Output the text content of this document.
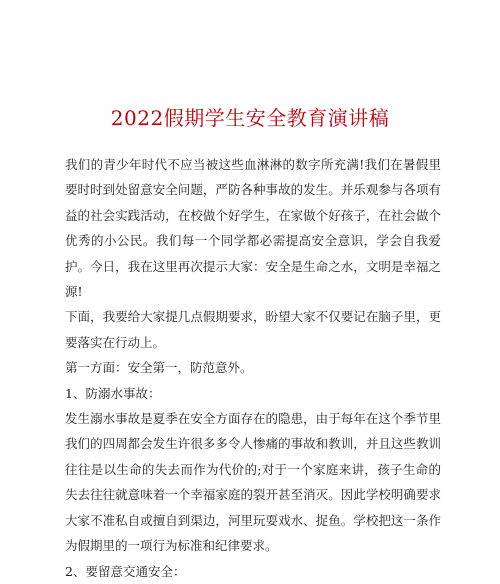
2022假期学生安全教育演讲稿

我们的青少年时代不应当被这些血淋淋的数字所充满!我们在暑假里要时时到处留意安全问题，严防各种事故的发生。并乐观参与各项有益的社会实践活动，在校做个好学生，在家做个好孩子，在社会做个优秀的小公民。我们每一个同学都必需提高安全意识，学会自我爱护。今日，我在这里再次提示大家：安全是生命之水，文明是幸福之源!

下面，我要给大家提几点假期要求，盼望大家不仅要记在脑子里，更要落实在行动上。

第一方面：安全第一，防范意外。

1、防溺水事故：

发生溺水事故是夏季在安全方面存在的隐患，由于每年在这个季节里我们的四周都会发生许很多多令人惨痛的事故和教训，并且这些教训往往是以生命的失去而作为代价的;对于一个家庭来讲，孩子生命的失去往往就意味着一个幸福家庭的裂开甚至消灭。因此学校明确要求大家不准私自或擅自到渠边，河里玩耍戏水、捉鱼。学校把这一条作为假期里的一项行为标准和纪律要求。

2、要留意交通安全：
